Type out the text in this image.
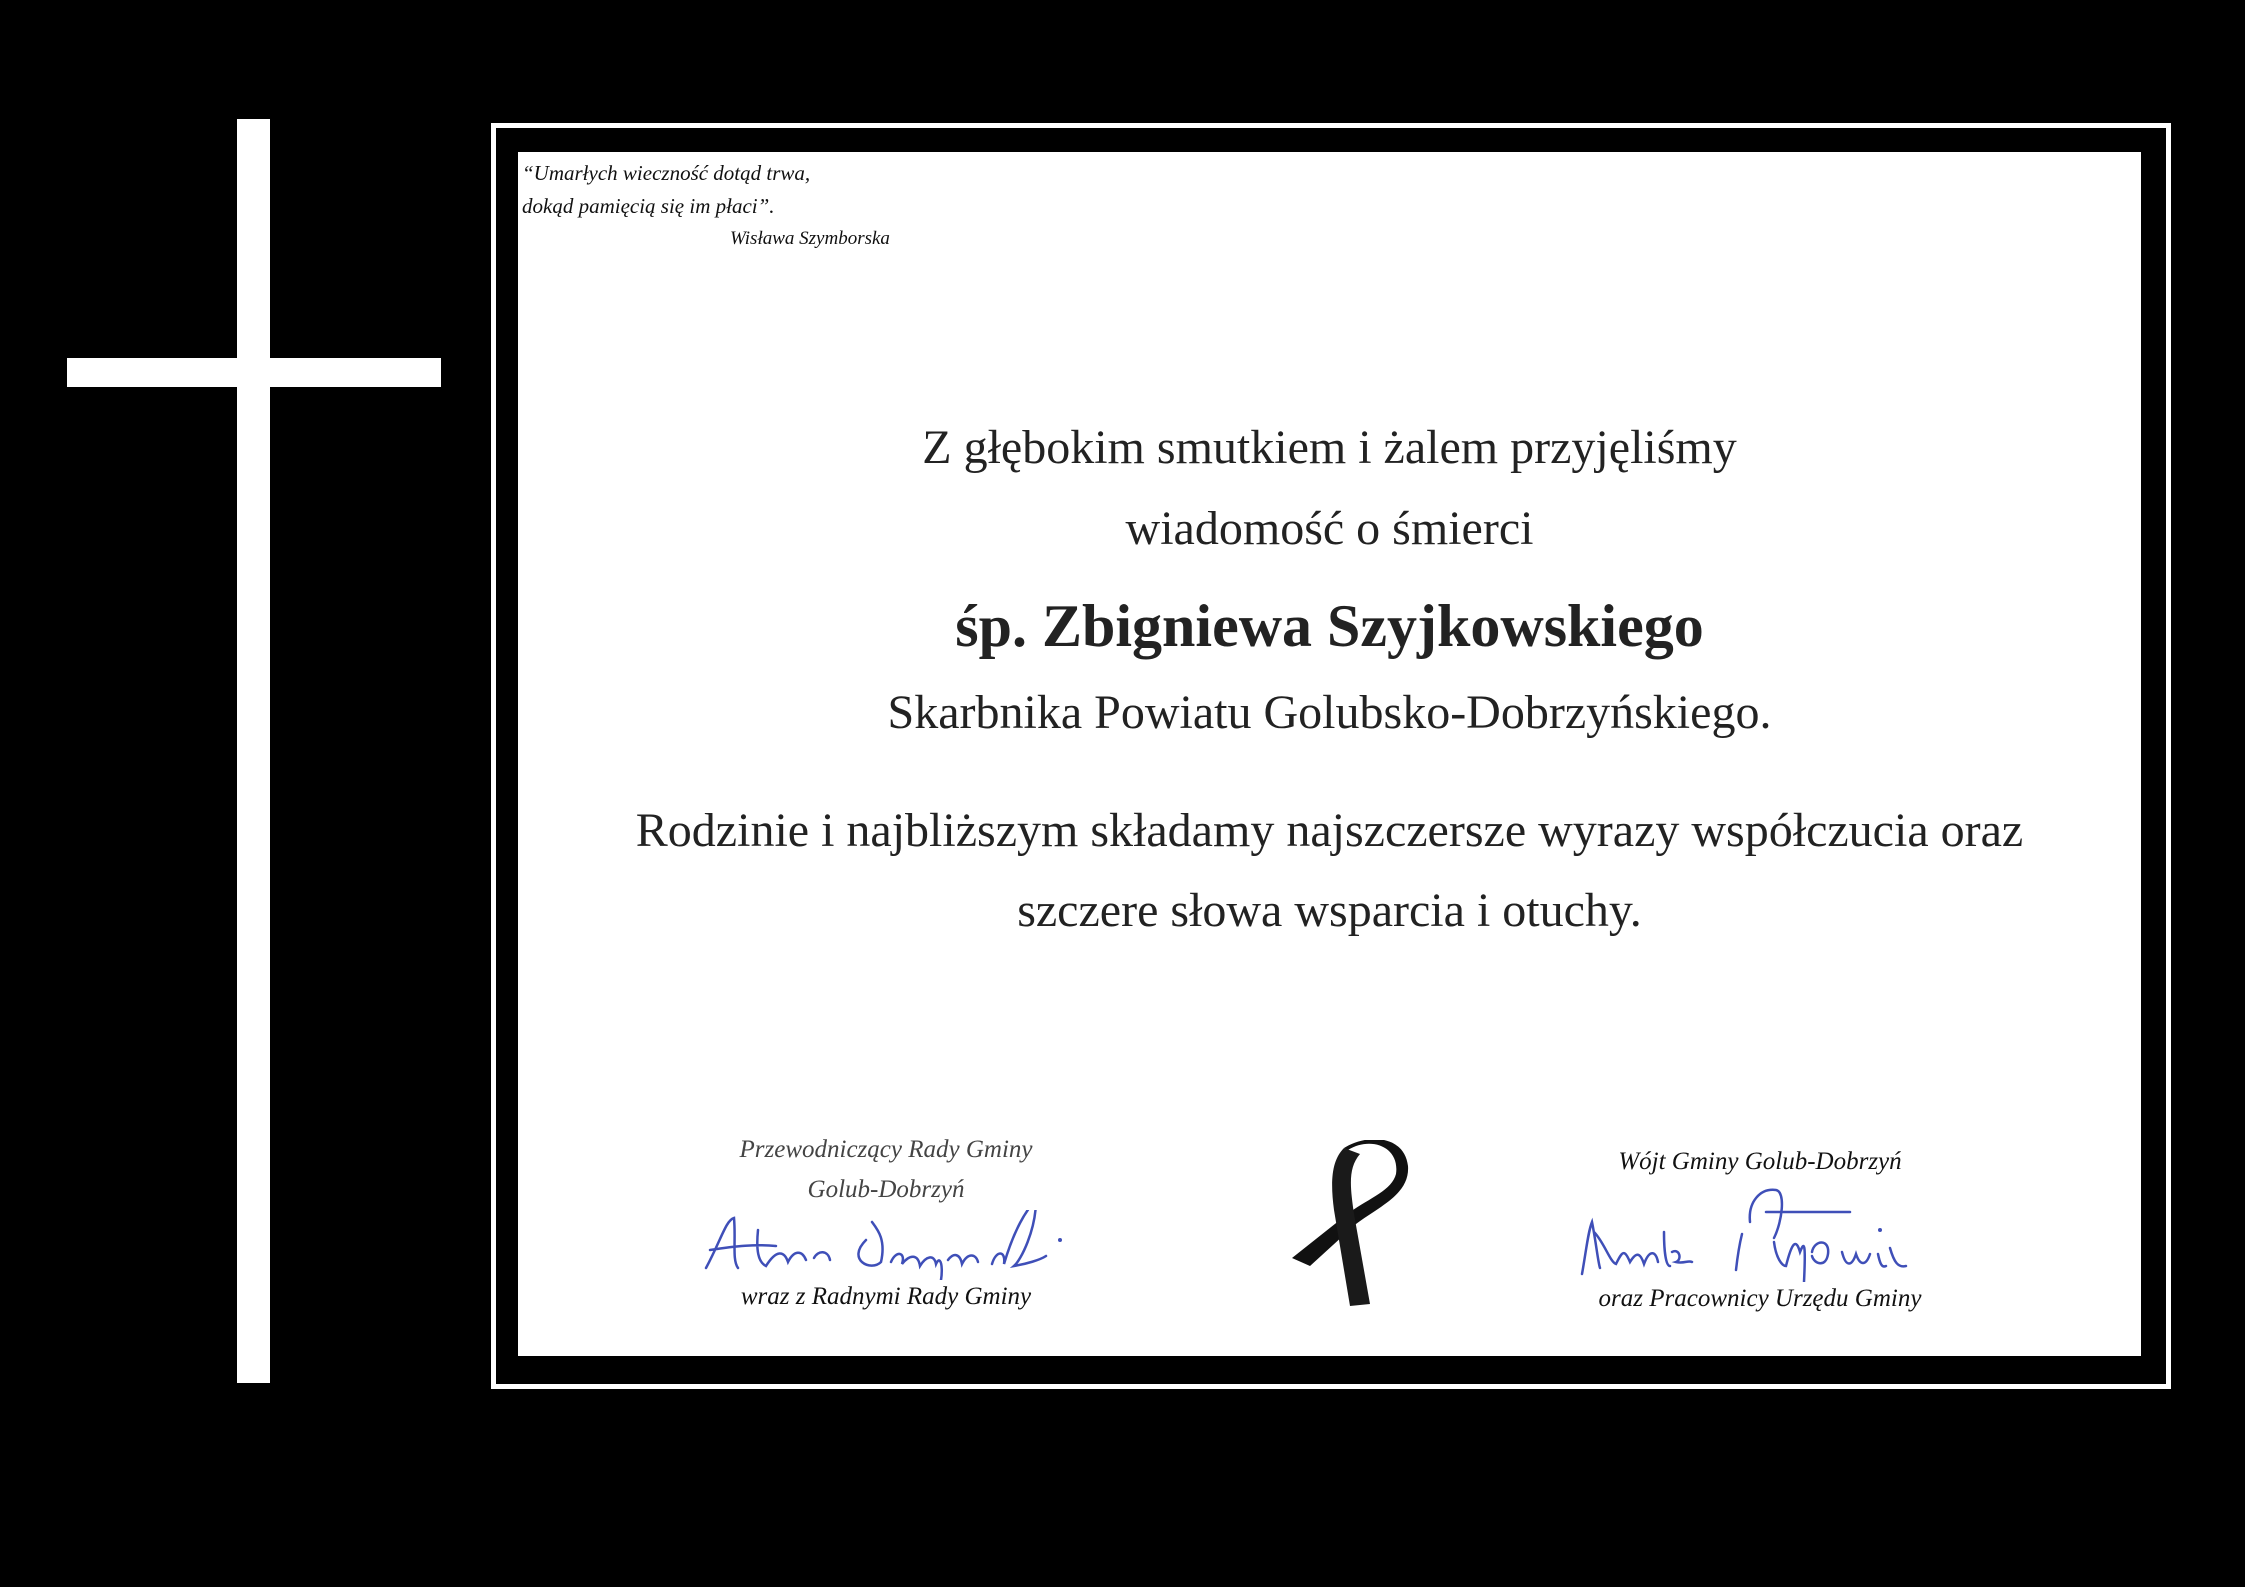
“Umarłych wieczność dotąd trwa,
dokąd pamięcią się im płaci”.
Wisława Szymborska
Z głębokim smutkiem i żalem przyjęliśmy
wiadomość o śmierci
śp. Zbigniewa Szyjkowskiego
Skarbnika Powiatu Golubsko-Dobrzyńskiego.
Rodzinie i najbliższym składamy najszczersze wyrazy współczucia oraz
szczere słowa wsparcia i otuchy.
Przewodniczący Rady Gminy
Golub-Dobrzyń
wraz z Radnymi Rady Gminy
Wójt Gminy Golub-Dobrzyń
oraz Pracownicy Urzędu Gminy
